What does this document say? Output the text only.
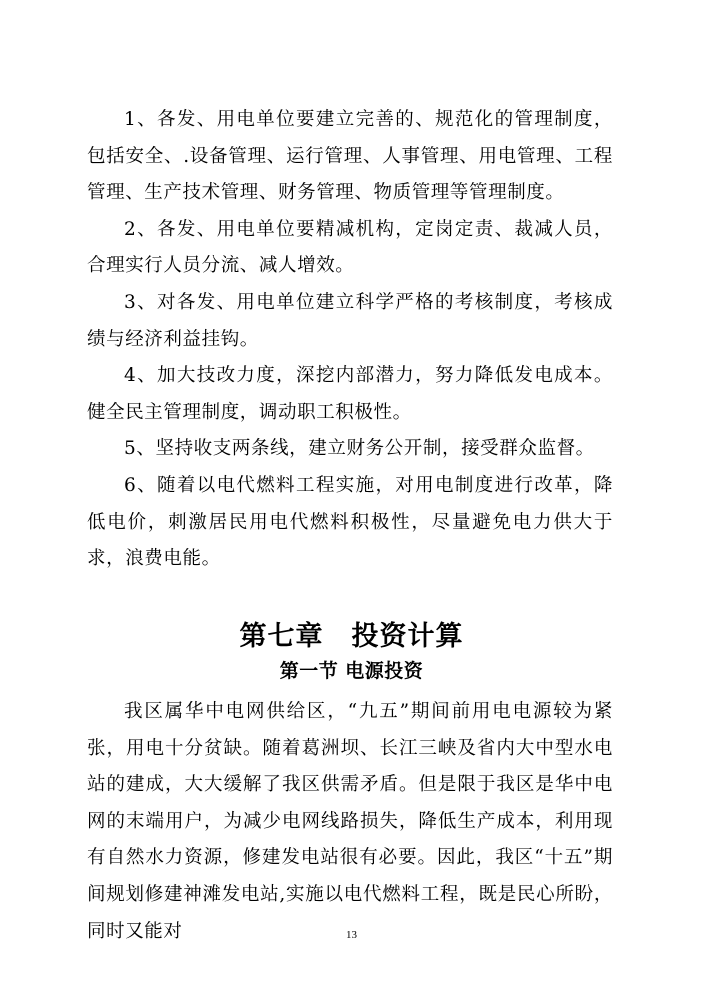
1、各发、用电单位要建立完善的、规范化的管理制度，包括安全、.设备管理、运行管理、人事管理、用电管理、工程管理、生产技术管理、财务管理、物质管理等管理制度。

2、各发、用电单位要精减机构，定岗定责、裁减人员，合理实行人员分流、减人增效。

3、对各发、用电单位建立科学严格的考核制度，考核成绩与经济利益挂钩。

4、加大技改力度，深挖内部潜力，努力降低发电成本。健全民主管理制度，调动职工积极性。

5、坚持收支两条线，建立财务公开制，接受群众监督。

6、随着以电代燃料工程实施，对用电制度进行改革，降低电价，刺激居民用电代燃料积极性，尽量避免电力供大于求，浪费电能。

第七章　投资计算
第一节 电源投资

我区属华中电网供给区，“九五”期间前用电电源较为紧张，用电十分贫缺。随着葛洲坝、长江三峡及省内大中型水电站的建成，大大缓解了我区供需矛盾。但是限于我区是华中电网的末端用户，为减少电网线路损失，降低生产成本，利用现有自然水力资源，修建发电站很有必要。因此，我区“十五”期间规划修建神滩发电站,实施以电代燃料工程，既是民心所盼，同时又能对	13
